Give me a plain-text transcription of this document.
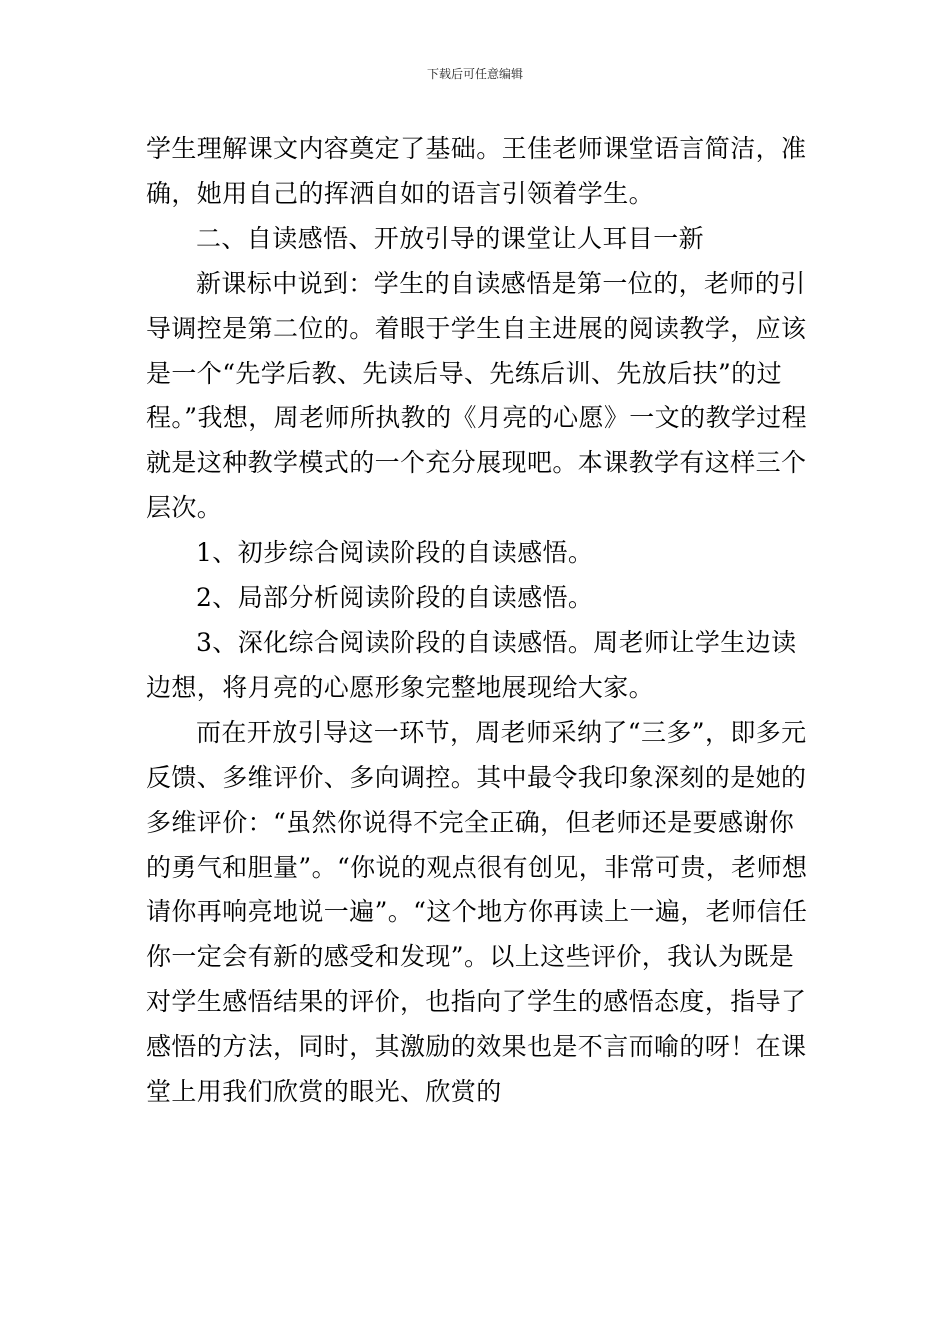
下载后可任意编辑

学生理解课文内容奠定了基础。王佳老师课堂语言简洁，准确，她用自己的挥洒自如的语言引领着学生。

二、自读感悟、开放引导的课堂让人耳目一新

新课标中说到：学生的自读感悟是第一位的，老师的引导调控是第二位的。着眼于学生自主进展的阅读教学，应该是一个“先学后教、先读后导、先练后训、先放后扶”的过程。”我想，周老师所执教的《月亮的心愿》一文的教学过程就是这种教学模式的一个充分展现吧。本课教学有这样三个层次。

1、初步综合阅读阶段的自读感悟。

2、局部分析阅读阶段的自读感悟。

3、深化综合阅读阶段的自读感悟。周老师让学生边读边想，将月亮的心愿形象完整地展现给大家。

而在开放引导这一环节，周老师采纳了“三多”，即多元反馈、多维评价、多向调控。其中最令我印象深刻的是她的多维评价：“虽然你说得不完全正确，但老师还是要感谢你的勇气和胆量”。“你说的观点很有创见，非常可贵，老师想请你再响亮地说一遍”。“这个地方你再读上一遍，老师信任你一定会有新的感受和发现”。以上这些评价，我认为既是对学生感悟结果的评价，也指向了学生的感悟态度，指导了感悟的方法，同时，其激励的效果也是不言而喻的呀！在课堂上用我们欣赏的眼光、欣赏的
